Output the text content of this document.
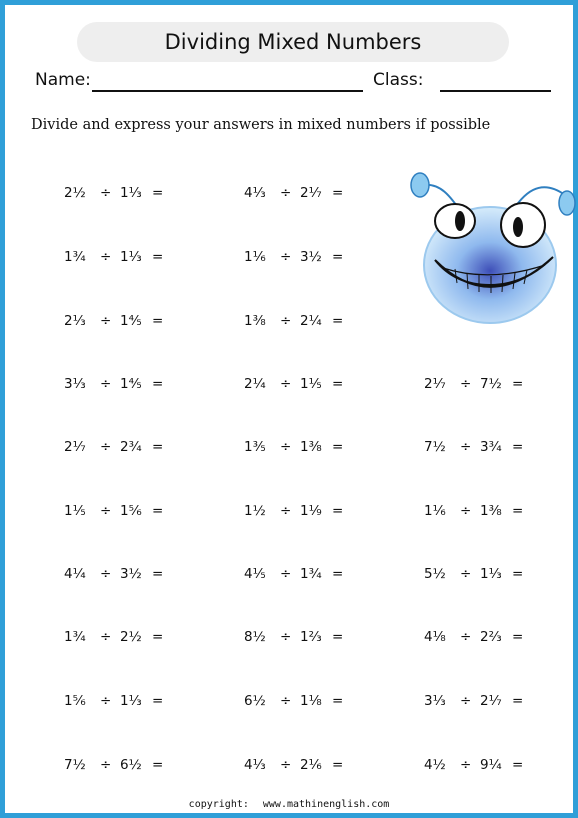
Dividing Mixed Numbers
Name:	Class:
Divide and express your answers in mixed numbers if possible
2½ ÷ 1⅓ =
1¾ ÷ 1⅓ =
2⅓ ÷ 1⅘ =
3⅓ ÷ 1⅘ =
2⅐ ÷ 2¾ =
1⅕ ÷ 1⅚ =
4¼ ÷ 3½ =
1¾ ÷ 2½ =
1⅚ ÷ 1⅓ =
7½ ÷ 6½ =
4⅓ ÷ 2⅐ =
1⅙ ÷ 3½ =
1⅜ ÷ 2¼ =
2¼ ÷ 1⅕ =
1⅗ ÷ 1⅜ =
1½ ÷ 1⅑ =
4⅕ ÷ 1¾ =
8½ ÷ 1⅔ =
6½ ÷ 1⅛ =
4⅓ ÷ 2⅙ =
2⅐ ÷ 7½ =
7½ ÷ 3¾ =
1⅙ ÷ 1⅜ =
5½ ÷ 1⅓ =
4⅛ ÷ 2⅔ =
3⅓ ÷ 2⅐ =
4½ ÷ 9¼ =
copyright: www.mathinenglish.com
